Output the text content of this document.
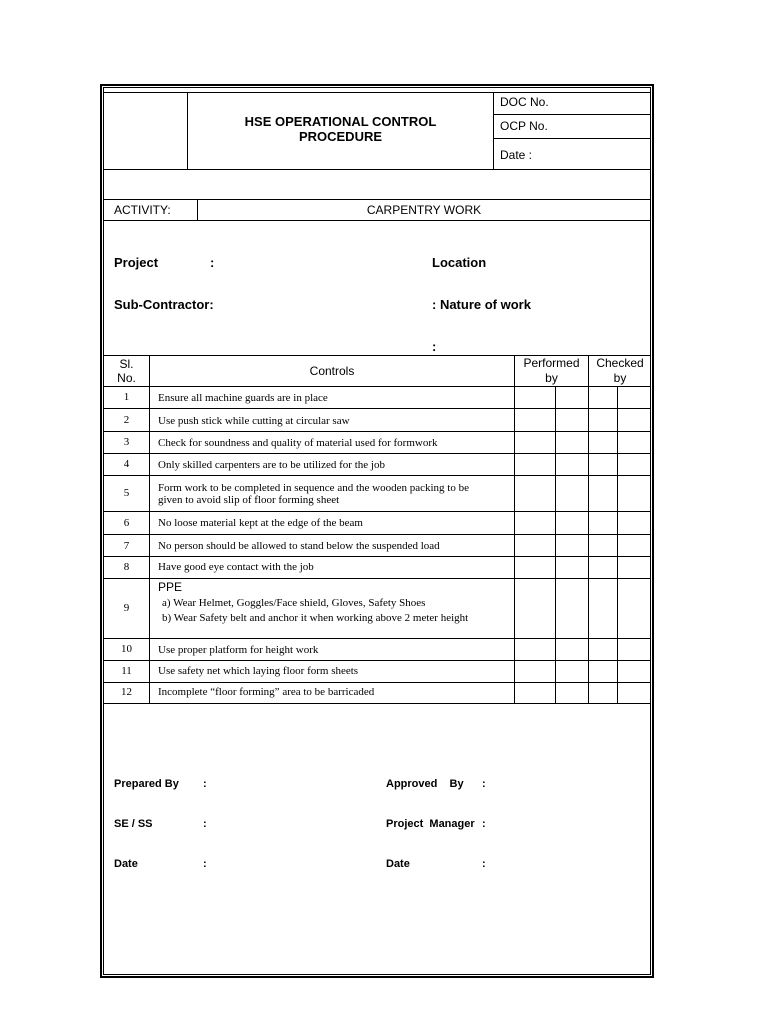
HSE OPERATIONAL CONTROL
PROCEDURE
DOC No.
OCP No.
Date :
ACTIVITY:	CARPENTRY WORK
Project	:	Location
Sub-Contractor:	: Nature of work
:
Sl.
No.	Controls
Performed
by
Checked
by
1	Ensure all machine guards are in place
2	Use push stick while cutting at circular saw
3	Check for soundness and quality of material used for formwork
4	Only skilled carpenters are to be utilized for the job
5	Form work to be completed in sequence and the wooden packing to be
given to avoid slip of floor forming sheet
6	No loose material kept at the edge of the beam
7	No person should be allowed to stand below the suspended load
8	Have good eye contact with the job
9
PPE
a) Wear Helmet, Goggles/Face shield, Gloves, Safety Shoes
b) Wear Safety belt and anchor it when working above 2 meter height
10	Use proper platform for height work
11	Use safety net which laying floor form sheets
12	Incomplete “floor forming” area to be barricaded
Prepared By :	Approved    By :
SE / SS	:	Project  Manager :
Date	:	Date	:
